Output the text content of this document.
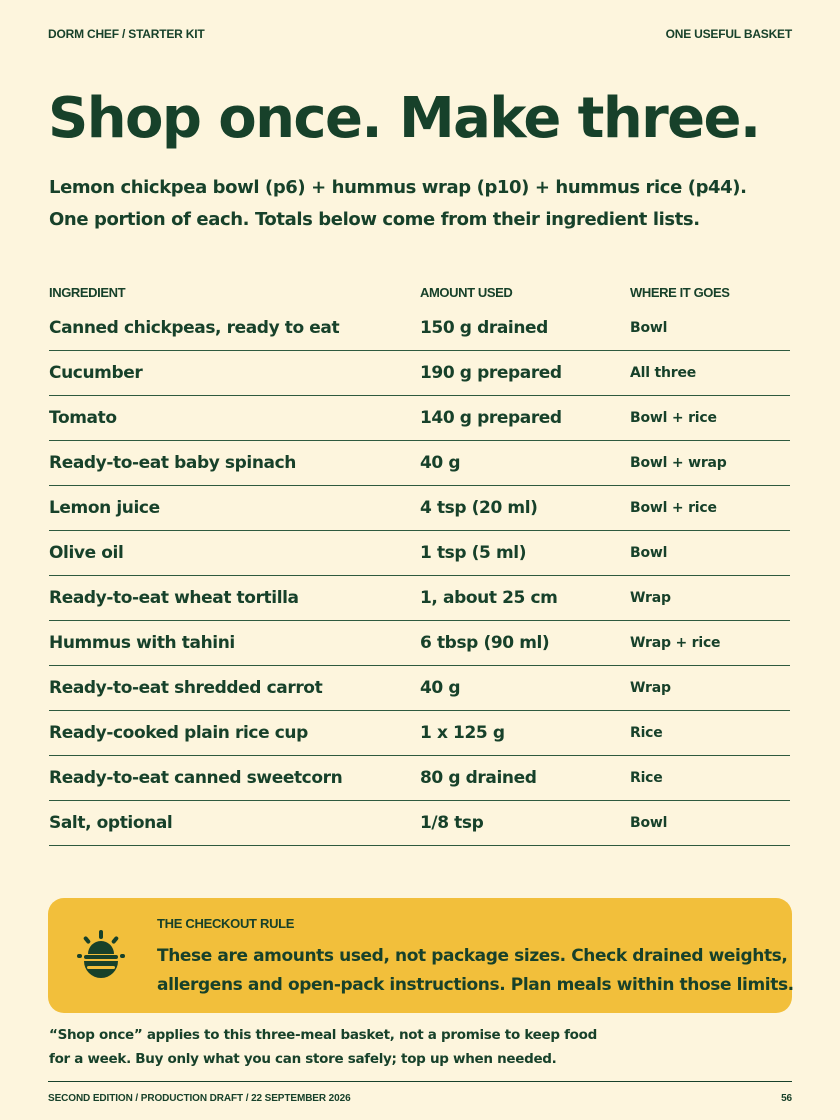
DORM CHEF / STARTER KIT	ONE USEFUL BASKET
Shop once. Make three.
Lemon chickpea bowl (p6) + hummus wrap (p10) + hummus rice (p44).
One portion of each. Totals below come from their ingredient lists.
INGREDIENT	AMOUNT USED	WHERE IT GOES
Canned chickpeas, ready to eat	150 g drained	Bowl
Cucumber	190 g prepared	All three
Tomato	140 g prepared	Bowl + rice
Ready-to-eat baby spinach	40 g	Bowl + wrap
Lemon juice	4 tsp (20 ml)	Bowl + rice
Olive oil	1 tsp (5 ml)	Bowl
Ready-to-eat wheat tortilla	1, about 25 cm	Wrap
Hummus with tahini	6 tbsp (90 ml)	Wrap + rice
Ready-to-eat shredded carrot	40 g	Wrap
Ready-cooked plain rice cup	1 x 125 g	Rice
Ready-to-eat canned sweetcorn	80 g drained	Rice
Salt, optional	1/8 tsp	Bowl
THE CHECKOUT RULE
These are amounts used, not package sizes. Check drained weights,
allergens and open-pack instructions. Plan meals within those limits.
“Shop once” applies to this three-meal basket, not a promise to keep food
for a week. Buy only what you can store safely; top up when needed.
SECOND EDITION / PRODUCTION DRAFT / 22 SEPTEMBER 2026	56
